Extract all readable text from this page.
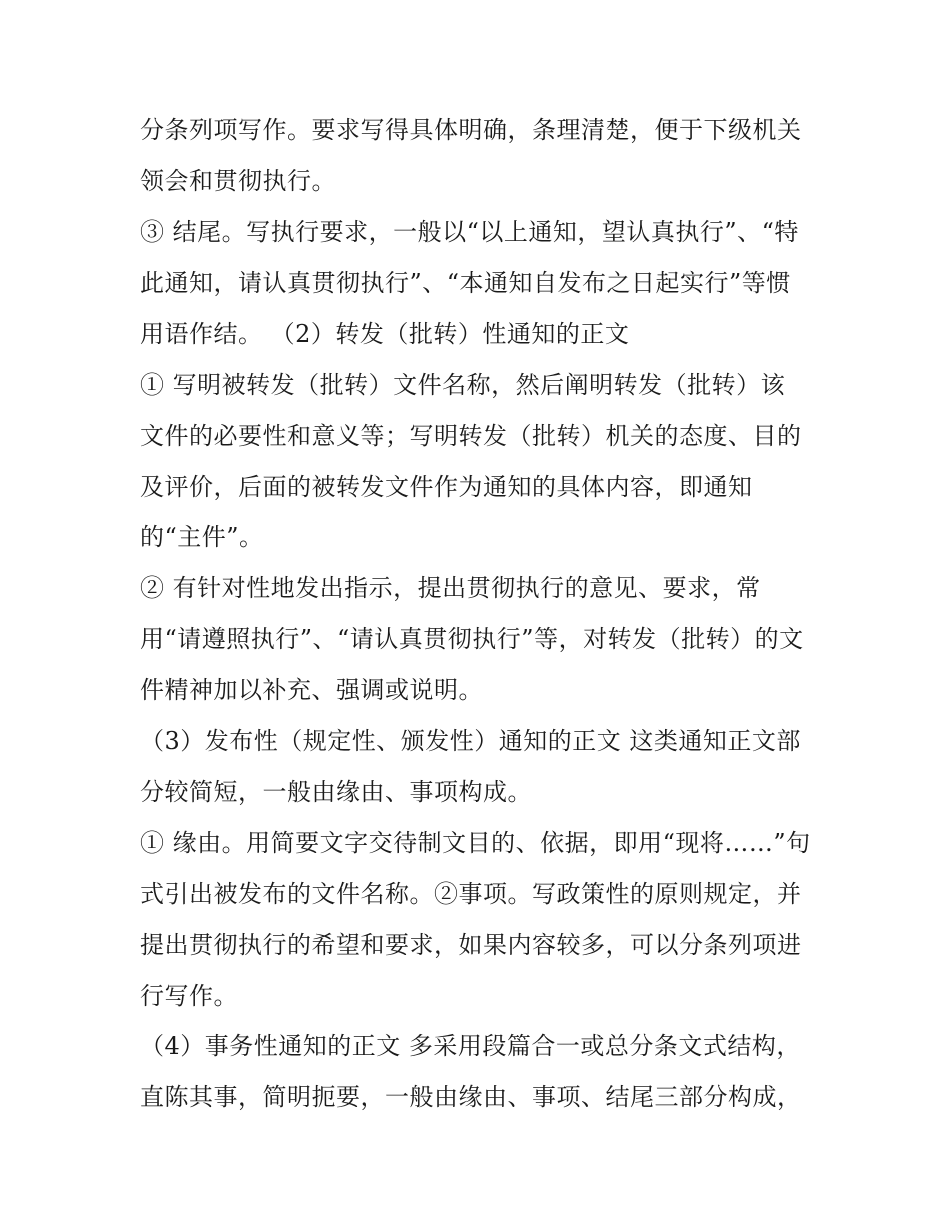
分条列项写作。要求写得具体明确，条理清楚，便于下级机关
领会和贯彻执行。
③ 结尾。写执行要求，一般以“以上通知，望认真执行”、“特
此通知，请认真贯彻执行”、“本通知自发布之日起实行”等惯
用语作结。 （2）转发（批转）性通知的正文
① 写明被转发（批转）文件名称，然后阐明转发（批转）该
文件的必要性和意义等；写明转发（批转）机关的态度、目的
及评价，后面的被转发文件作为通知的具体内容，即通知
的“主件”。
② 有针对性地发出指示，提出贯彻执行的意见、要求，常
用“请遵照执行”、“请认真贯彻执行”等，对转发（批转）的文
件精神加以补充、强调或说明。
（3）发布性（规定性、颁发性）通知的正文 这类通知正文部
分较简短，一般由缘由、事项构成。
① 缘由。用简要文字交待制文目的、依据，即用“现将……”句
式引出被发布的文件名称。②事项。写政策性的原则规定，并
提出贯彻执行的希望和要求，如果内容较多，可以分条列项进
行写作。
（4）事务性通知的正文 多采用段篇合一或总分条文式结构，
直陈其事，简明扼要，一般由缘由、事项、结尾三部分构成，
